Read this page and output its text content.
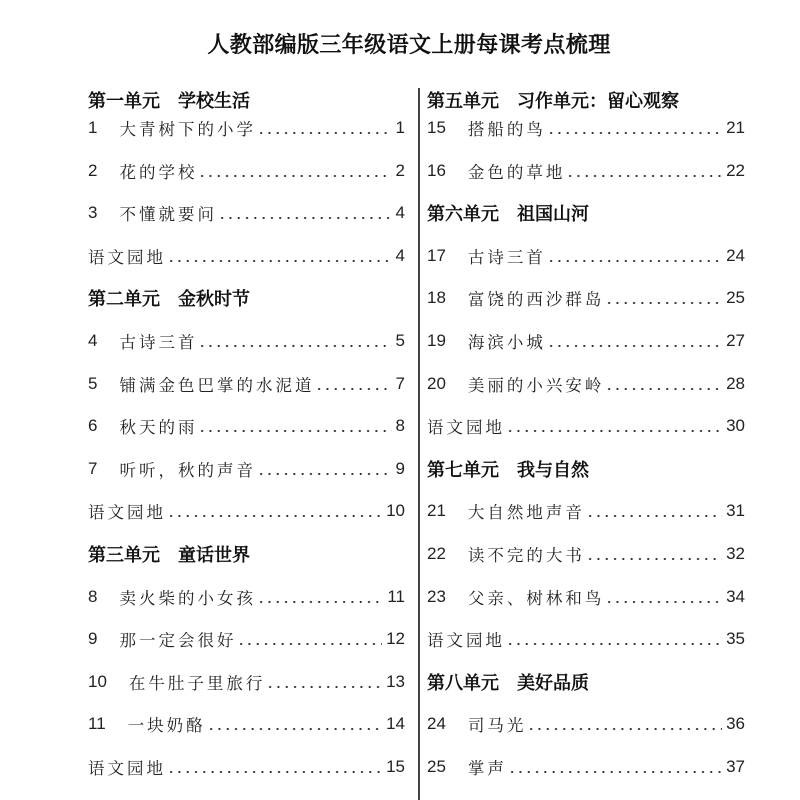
人教部编版三年级语文上册每课考点梳理
第一单元 学校生活
1 大青树下的小学	1
2 花的学校	2
3 不懂就要问	4
语文园地	4
第二单元 金秋时节
4 古诗三首	5
5 铺满金色巴掌的水泥道	7
6 秋天的雨	8
7 听听，秋的声音	9
语文园地	10
第三单元 童话世界
8 卖火柴的小女孩	11
9 那一定会很好	12
10 在牛肚子里旅行	13
11 一块奶酪	14
语文园地	15
第五单元 习作单元：留心观察
15 搭船的鸟	21
16 金色的草地	22
第六单元 祖国山河
17 古诗三首	24
18 富饶的西沙群岛	25
19 海滨小城	27
20 美丽的小兴安岭	28
语文园地	30
第七单元 我与自然
21 大自然地声音	31
22 读不完的大书	32
23 父亲、树林和鸟	34
语文园地	35
第八单元 美好品质
24 司马光	36
25 掌声	37
